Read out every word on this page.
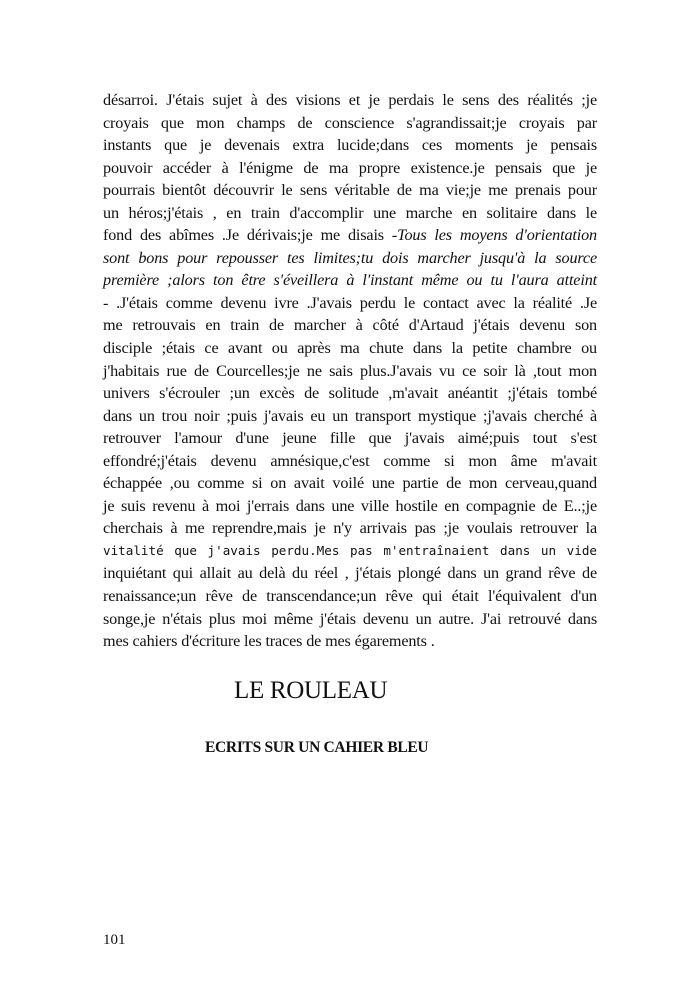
désarroi. J'étais sujet à des visions et je perdais le sens des réalités ;je
croyais que mon champs de conscience s'agrandissait;je croyais par
instants que je devenais extra lucide;dans ces moments je pensais
pouvoir accéder à l'énigme de ma propre existence.je pensais que je
pourrais bientôt découvrir le sens véritable de ma vie;je me prenais pour
un héros;j'étais , en train d'accomplir une marche en solitaire dans le
fond des abîmes .Je dérivais;je me disais -Tous les moyens d'orientation
sont bons pour repousser tes limites;tu dois marcher jusqu'à la source
première ;alors ton être s'éveillera à l'instant même ou tu l'aura atteint
- .J'étais comme devenu ivre .J'avais perdu le contact avec la réalité .Je
me retrouvais en train de marcher à côté d'Artaud j'étais devenu son
disciple ;étais ce avant ou après ma chute dans la petite chambre ou
j'habitais rue de Courcelles;je ne sais plus.J'avais vu ce soir là ,tout mon
univers s'écrouler ;un excès de solitude ,m'avait anéantit ;j'étais tombé
dans un trou noir ;puis j'avais eu un transport mystique ;j'avais cherché à
retrouver l'amour d'une jeune fille que j'avais aimé;puis tout s'est
effondré;j'étais devenu amnésique,c'est comme si mon âme m'avait
échappée ,ou comme si on avait voilé une partie de mon cerveau,quand
je suis revenu à moi j'errais dans une ville hostile en compagnie de E..;je
cherchais à me reprendre,mais je n'y arrivais pas ;je voulais retrouver la
vitalité que j'avais perdu.Mes pas m'entraînaient dans un vide
inquiétant qui allait au delà du réel , j'étais plongé dans un grand rêve de
renaissance;un rêve de transcendance;un rêve qui était l'équivalent d'un
songe,je n'étais plus moi même j'étais devenu un autre. J'ai retrouvé dans
mes cahiers d'écriture les traces de mes égarements .
LE ROULEAU
ECRITS SUR UN CAHIER BLEU
101
